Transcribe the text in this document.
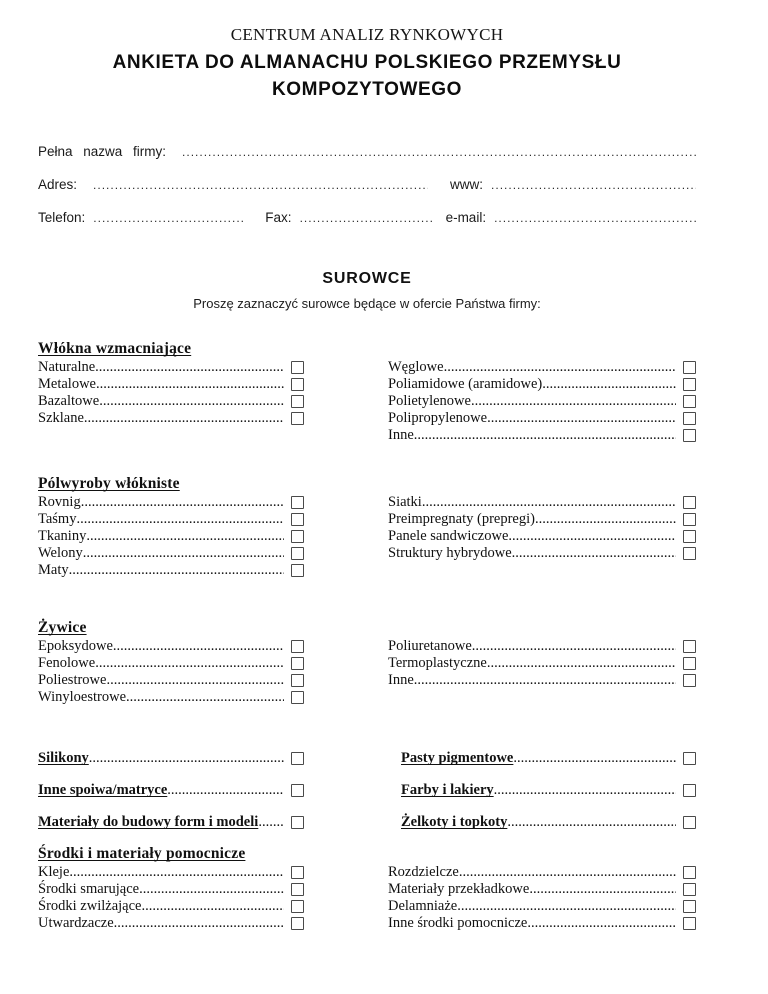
CENTRUM ANALIZ RYNKOWYCH
ANKIETA DO ALMANACHU POLSKIEGO PRZEMYSŁU
KOMPOZYTOWEGO
Pełna nazwa firmy:
.....
Adres: .....	www:
.....
Telefon: .....	Fax: .....	e-mail:
.....
SUROWCE
Proszę zaznaczyć surowce będące w ofercie Państwa firmy:
Włókna wzmacniające
Naturalne
.....
Metalowe
.....
Bazaltowe
.....
Szklane
.....
Węglowe
.....
Poliamidowe (aramidowe)
.....
Polietylenowe
.....
Polipropylenowe
.....
Inne
.....
Pólwyroby włókniste
Rovnig
.....
Taśmy
.....
Tkaniny
.....
Welony
.....
Maty
.....
Siatki
.....
Preimpregnaty (prepregi)
.....
Panele sandwiczowe
.....
Struktury hybrydowe
.....
Żywice
Epoksydowe
.....
Fenolowe
.....
Poliestrowe
.....
Winyloestrowe
.....
Poliuretanowe
.....
Termoplastyczne
.....
Inne
.....
Silikony
.....
Inne spoiwa/matryce
.....
Materiały do budowy form i modeli
.....
Pasty pigmentowe
.....
Farby i lakiery
.....
Żelkoty i topkoty
.....
Środki i materiały pomocnicze
Kleje
.....
Środki smarujące
.....
Środki zwilżające
.....
Utwardzacze
.....
Rozdzielcze
.....
Materiały przekładkowe
.....
Delamniaże
.....
Inne środki pomocnicze
.....
